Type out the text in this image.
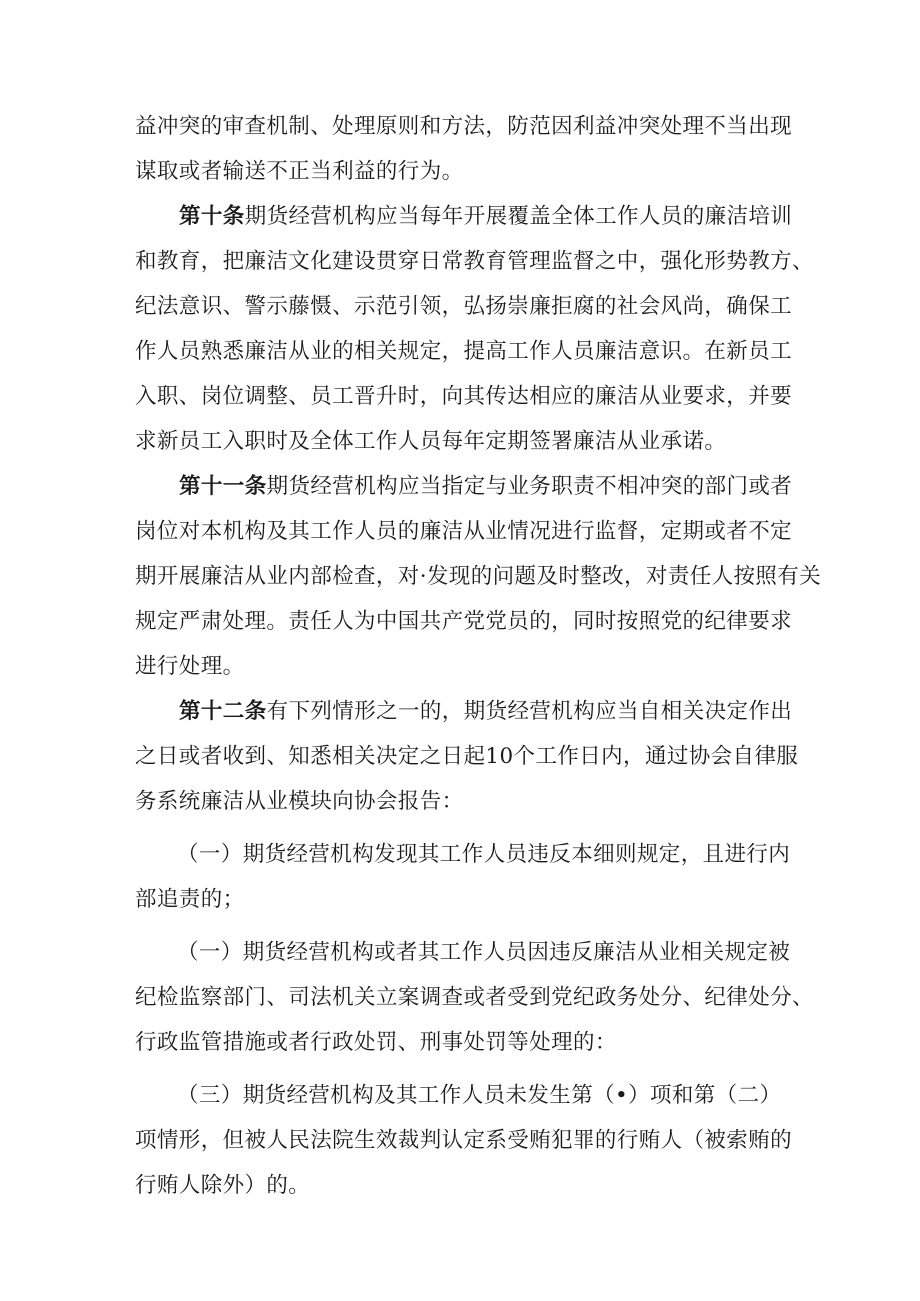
益冲突的审查机制、处理原则和方法，防范因利益冲突处理不当出现
谋取或者输送不正当利益的行为。
第十条期货经营机构应当每年开展覆盖全体工作人员的廉洁培训
和教育，把廉洁文化建设贯穿日常教育管理监督之中，强化形势教方、
纪法意识、警示藤慑、示范引领，弘扬崇廉拒腐的社会风尚，确保工
作人员熟悉廉洁从业的相关规定，提高工作人员廉洁意识。在新员工
入职、岗位调整、员工晋升时，向其传达相应的廉洁从业要求，并要
求新员工入职时及全体工作人员每年定期签署廉洁从业承诺。
第十一条期货经营机构应当指定与业务职责不相冲突的部门或者
岗位对本机构及其工作人员的廉洁从业情况进行监督，定期或者不定
期开展廉洁从业内部检查，对·发现的问题及时整改，对责任人按照有关
规定严肃处理。责任人为中国共产党党员的，同时按照党的纪律要求
进行处理。
第十二条有下列情形之一的，期货经营机构应当自相关决定作出
之日或者收到、知悉相关决定之日起10个工作日内，通过协会自律服
务系统廉洁从业模块向协会报告：
（一）期货经营机构发现其工作人员违反本细则规定，且进行内
部追责的；
（一）期货经营机构或者其工作人员因违反廉洁从业相关规定被
纪检监察部门、司法机关立案调查或者受到党纪政务处分、纪律处分、
行政监管措施或者行政处罚、刑事处罚等处理的：
（三）期货经营机构及其工作人员未发生第（•）项和第（二）
项情形，但被人民法院生效裁判认定系受贿犯罪的行贿人（被索贿的
行贿人除外）的。
